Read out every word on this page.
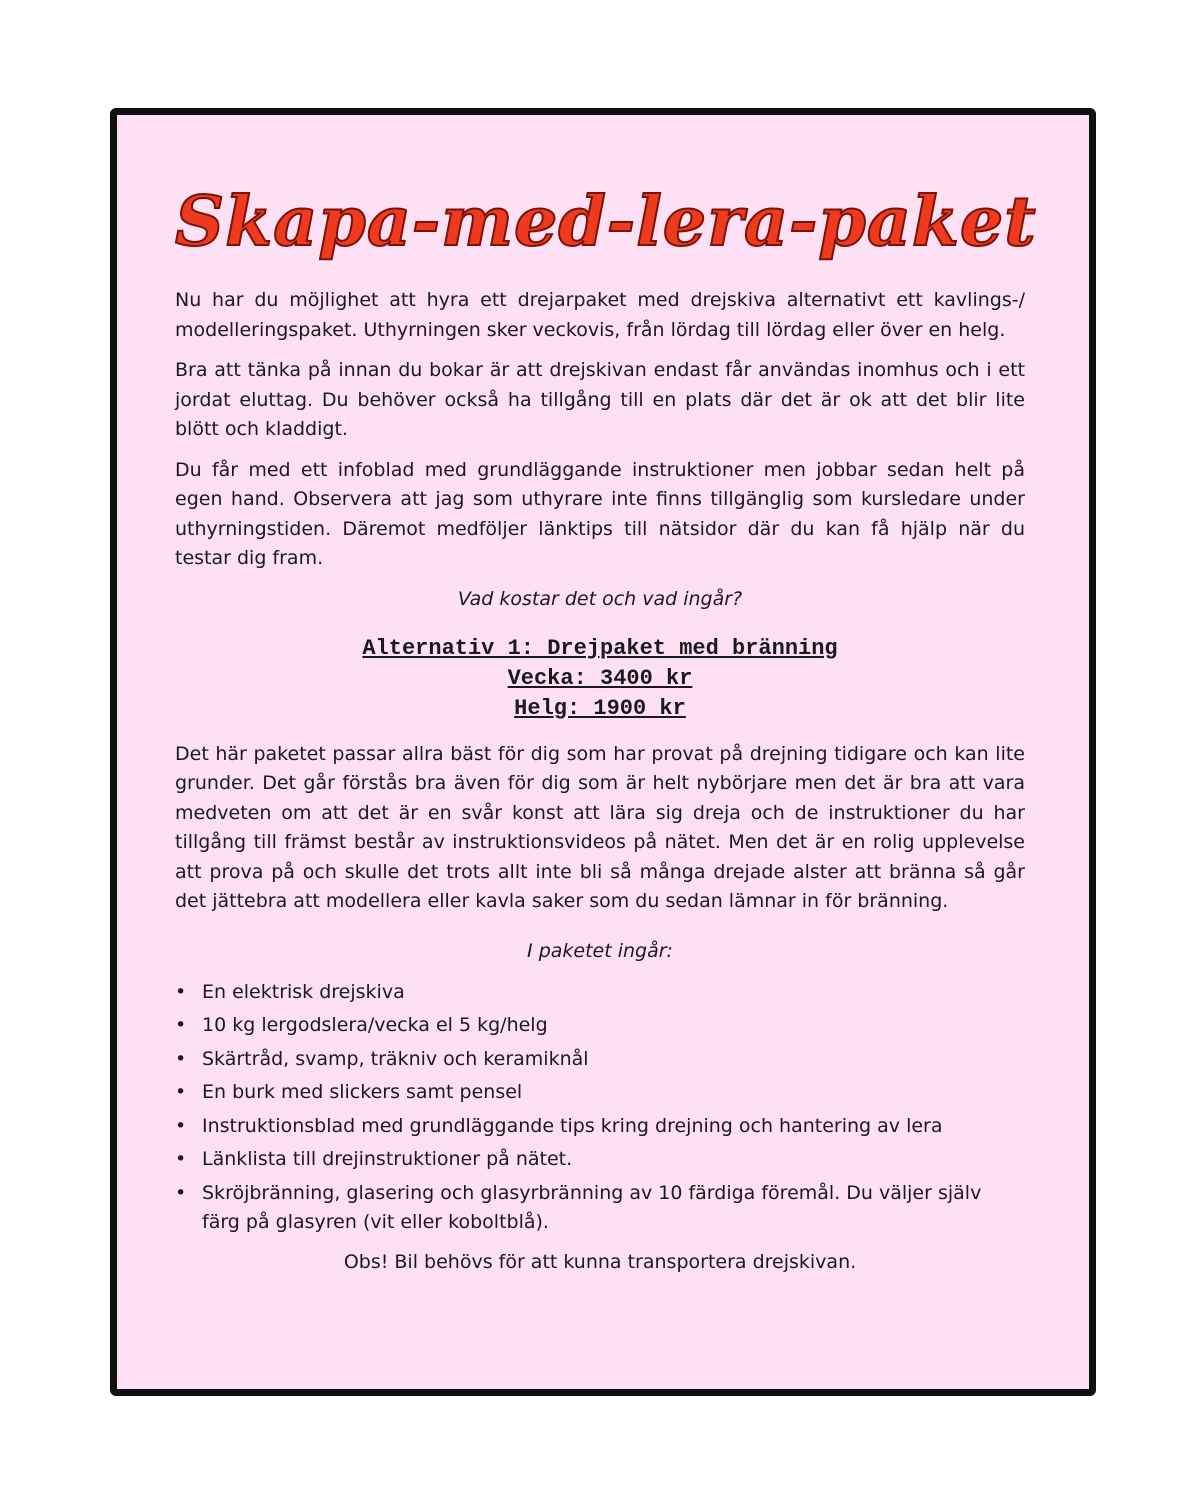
Skapa-med-lera-paket

Nu har du möjlighet att hyra ett drejarpaket med drejskiva alternativt ett kavlings-/ modelleringspaket. Uthyrningen sker veckovis, från lördag till lördag eller över en helg.

Bra att tänka på innan du bokar är att drejskivan endast får användas inomhus och i ett jordat eluttag. Du behöver också ha tillgång till en plats där det är ok att det blir lite blött och kladdigt.

Du får med ett infoblad med grundläggande instruktioner men jobbar sedan helt på egen hand. Observera att jag som uthyrare inte finns tillgänglig som kursledare under uthyrningstiden. Däremot medföljer länktips till nätsidor där du kan få hjälp när du testar dig fram.

Vad kostar det och vad ingår?

Alternativ 1: Drejpaket med bränning
Vecka: 3400 kr
Helg: 1900 kr

Det här paketet passar allra bäst för dig som har provat på drejning tidigare och kan lite grunder. Det går förstås bra även för dig som är helt nybörjare men det är bra att vara medveten om att det är en svår konst att lära sig dreja och de instruktioner du har tillgång till främst består av instruktionsvideos på nätet. Men det är en rolig upplevelse att prova på och skulle det trots allt inte bli så många drejade alster att bränna så går det jättebra att modellera eller kavla saker som du sedan lämnar in för bränning.

I paketet ingår:

• En elektrisk drejskiva
• 10 kg lergodslera/vecka el 5 kg/helg
• Skärtråd, svamp, träkniv och keramiknål
• En burk med slickers samt pensel
• Instruktionsblad med grundläggande tips kring drejning och hantering av lera
• Länklista till drejinstruktioner på nätet.
• Skröjbränning, glasering och glasyrbränning av 10 färdiga föremål. Du väljer själv färg på glasyren (vit eller koboltblå).

Obs! Bil behövs för att kunna transportera drejskivan.
